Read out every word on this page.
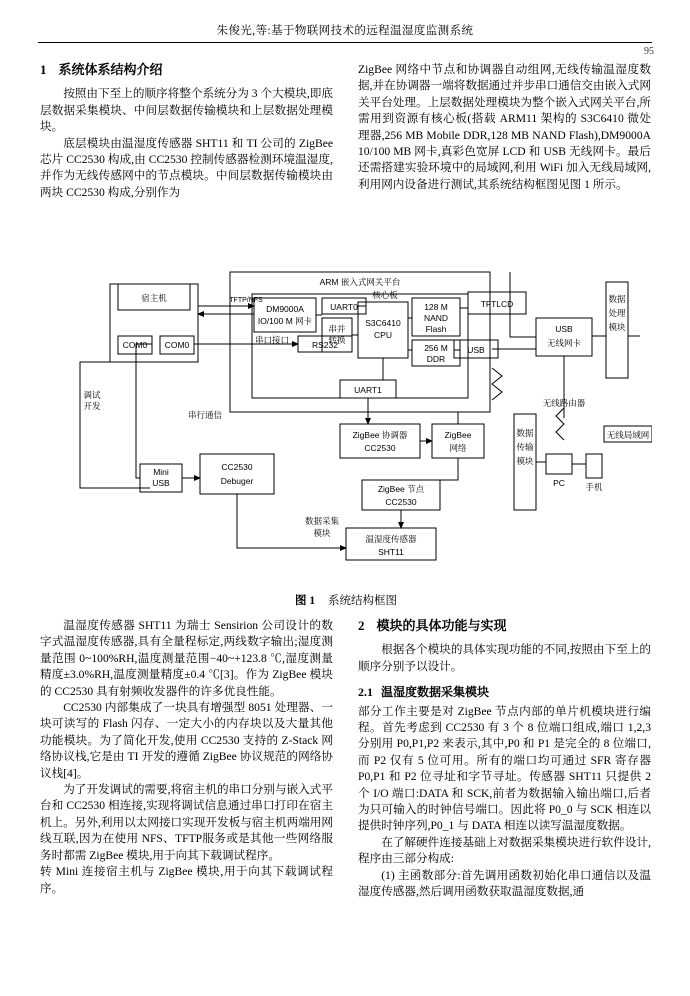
朱俊光,等:基于物联网技术的远程温湿度监测系统
95
1 系统体系结构介绍

按照由下至上的顺序将整个系统分为 3 个大模块,即底层数据采集模块、中间层数据传输模块和上层数据处理模块。

底层模块由温湿度传感器 SHT11 和 TI 公司的 ZigBee 芯片 CC2530 构成,由 CC2530 控制传感器检测环境温湿度,并作为无线传感网中的节点模块。中间层数据传输模块由两块 CC2530 构成,分别作为

ZigBee 网络中节点和协调器自动组网,无线传输温湿度数据,并在协调器一端将数据通过并步串口通信交由嵌入式网关平台处理。上层数据处理模块为整个嵌入式网关平台,所需用到资源有核心板(搭载 ARM11 架构的 S3C6410 微处理器,256 MB Mobile DDR,128 MB NAND Flash),DM9000A 10/100 MB 网卡,真彩色宽屏 LCD 和 USB 无线网卡。最后还需搭建实验环境中的局域网,利用 WiFi 加入无线局域网,利用网内设备进行测试,其系统结构框图见图 1 所示。

宿主机
COM0 COM0
调试
开发
串行通信
CC2530
Debuger
Mini
USB
ARM 嵌入式网关平台
核心板
DM9000A
IO/100 M 网卡
UART0
串并
转换
串口接口	RS232
S3C6410
CPU
128 M
NAND
Flash
256 M
DDR
TFTLCD
USB
UART1
TFTP/NFS
USB
无线网卡
ZigBee 协调器
CC2530
ZigBee
网络
ZigBee 节点
CC2530
温湿度传感器
SHT11
数据采集
模块
无线路由器
无线局域网
PC 手机
数据
处理
模块
数据
传输
模块
图 1 系统结构框图

温湿度传感器 SHT11 为瑞士 Sensirion 公司设计的数字式温湿度传感器,具有全量程标定,两线数字输出;湿度测量范围 0~100%RH,温度测量范围−40~+123.8 ℃,湿度测量精度±3.0%RH,温度测量精度±0.4 ℃[3]。作为 ZigBee 模块的 CC2530 具有射频收发器件的许多优良性能。

CC2530 内部集成了一块具有增强型 8051 处理器、一块可读写的 Flash 闪存、一定大小的内存块以及大量其他功能模块。为了简化开发,使用 CC2530 支持的 Z-Stack 网络协议栈,它是由 TI 开发的遵循 ZigBee 协议规范的网络协议栈[4]。

为了开发调试的需要,将宿主机的串口分别与嵌入式平台和 CC2530 相连接,实现将调试信息通过串口打印在宿主机上。另外,利用以太网接口实现开发板与宿主机两端用网线互联,因为在使用 NFS、TFTP服务或是其他一些网络服务时都需 ZigBee 模块,用于向其下载调试程序。

转 Mini 连接宿主机与 ZigBee 模块,用于向其下载调试程序。

2 模块的具体功能与实现

根据各个模块的具体实现功能的不同,按照由下至上的顺序分别予以设计。

2.1 温湿度数据采集模块

部分工作主要是对 ZigBee 节点内部的单片机模块进行编程。首先考虑到 CC2530 有 3 个 8 位端口组成,端口 1,2,3 分别用 P0,P1,P2 来表示,其中,P0 和 P1 是完全的 8 位端口,而 P2 仅有 5 位可用。所有的端口均可通过 SFR 寄存器 P0,P1 和 P2 位寻址和字节寻址。传感器 SHT11 只提供 2 个 I/O 端口:DATA 和 SCK,前者为数据输入输出端口,后者为只可输入的时钟信号端口。因此将 P0_0 与 SCK 相连以提供时钟序列,P0_1 与 DATA 相连以读写温湿度数据。

在了解硬件连接基础上对数据采集模块进行软件设计,程序由三部分构成:

(1) 主函数部分:首先调用函数初始化串口通信以及温湿度传感器,然后调用函数获取温湿度数据,通
